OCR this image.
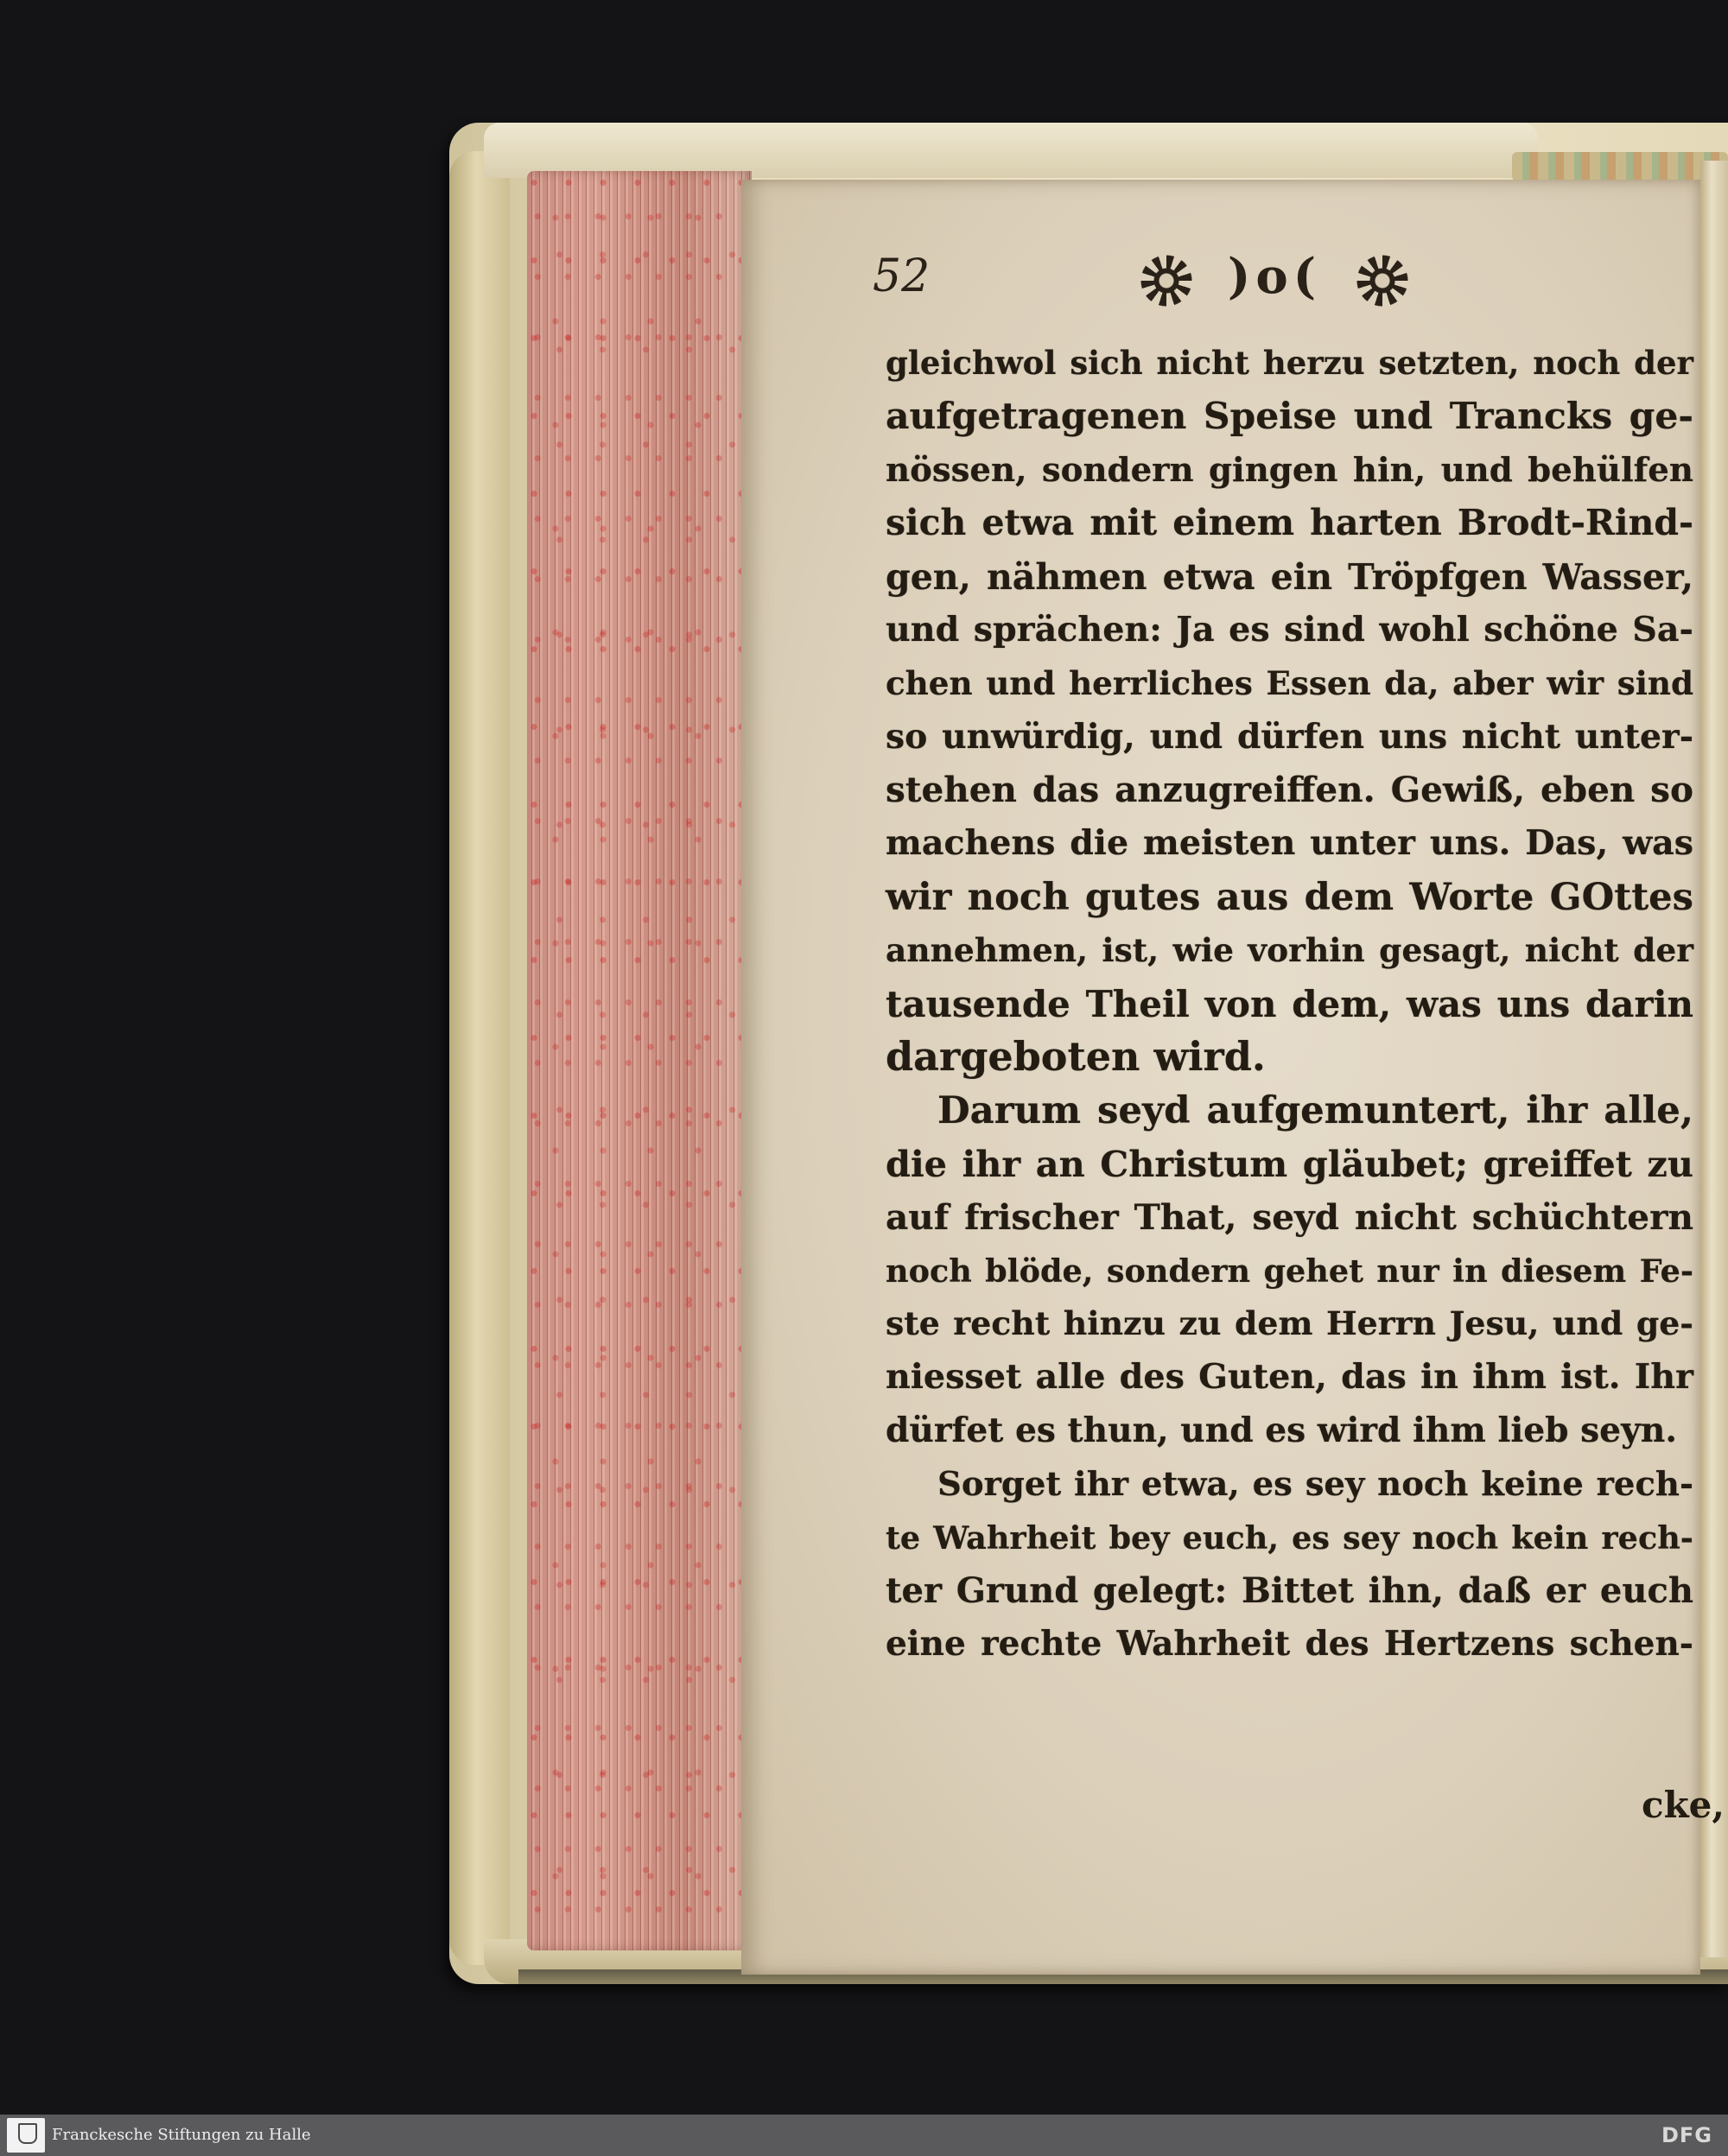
52	)o(
gleichwol sich nicht herzu setzten, noch der
aufgetragenen Speise und Trancks ge-
nössen, sondern gingen hin, und behülfen
sich etwa mit einem harten Brodt-Rind-
gen, nähmen etwa ein Tröpfgen Wasser,
und sprächen: Ja es sind wohl schöne Sa-
chen und herrliches Essen da, aber wir sind
so unwürdig, und dürfen uns nicht unter-
stehen das anzugreiffen. Gewiß, eben so
machens die meisten unter uns. Das, was
wir noch gutes aus dem Worte GOttes
annehmen, ist, wie vorhin gesagt, nicht der
tausende Theil von dem, was uns darin
dargeboten wird.
Darum seyd aufgemuntert, ihr alle,
die ihr an Christum gläubet; greiffet zu
auf frischer That, seyd nicht schüchtern
noch blöde, sondern gehet nur in diesem Fe-
ste recht hinzu zu dem Herrn Jesu, und ge-
niesset alle des Guten, das in ihm ist. Ihr
dürfet es thun, und es wird ihm lieb seyn.
Sorget ihr etwa, es sey noch keine rech-
te Wahrheit bey euch, es sey noch kein rech-
ter Grund gelegt: Bittet ihn, daß er euch
eine rechte Wahrheit des Hertzens schen-
cke,
Franckesche Stiftungen zu Halle	DFG
